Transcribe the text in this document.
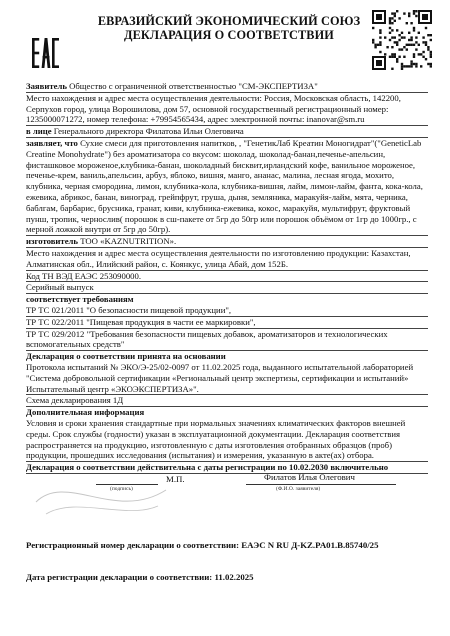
ЕВРАЗИЙСКИЙ ЭКОНОМИЧЕСКИЙ СОЮЗ
ДЕКЛАРАЦИЯ О СООТВЕТСТВИИ

Заявитель Общество с ограниченной ответственностью "СМ-ЭКСПЕРТИЗА"

Место нахождения и адрес места осуществления деятельности: Россия, Московская область, 142200, Серпухов город, улица Ворошилова, дом 57, основной государственный регистрационный номер: 1235000071272, номер телефона: +79954565434, адрес электронной почты: inanovar@sm.ru

в лице Генерального директора Филатова Ильи Олеговича

заявляет, что Сухие смеси для приготовления напитков, , "ГенетикЛаб Креатин Моногидрат"("GeneticLab Creatine Monohydrate") без ароматизатора со вкусом: шоколад, шоколад-банан,печенье-апельсин, фисташковое мороженое,клубника-банан, шоколадный бисквит,ирландский кофе, ванильное мороженое, печенье-крем, ваниль,апельсин, арбуз, яблоко, вишня, манго, ананас, малина, лесная ягода, мохито, клубника, черная смородина, лимон, клубника-кола, клубника-вишня, лайм, лимон-лайм, фанта, кока-кола, ежевика, абрикос, банан, виноград, грейпфрут, груша, дыня, земляника, маракуйя-лайм, мята, черника, баблгам, барбарис, брусника, гранат, киви, клубника-ежевика, кокос, маракуйя, мультифрут, фруктовый пунш, тропик, чернослив( порошок в сш-пакете от 5гр до 50гр или порошок объёмом от 1гр до 1000гр., с мерной ложкой внутри от 5гр до 50гр).

изготовитель ТОО «KAZNUTRITION».

Место нахождения и адрес места осуществления деятельности по изготовлению продукции: Казахстан, Алматинская обл., Илийский район, с. Коянкус, улица Абай, дом 152Б.

Код ТН ВЭД ЕАЭС 253090000.

Серийный выпуск

соответствует требованиям

ТР ТС 021/2011 "О безопасности пищевой продукции",

ТР ТС 022/2011 "Пищевая продукция в части ее маркировки",

ТР ТС 029/2012 "Требования безопасности пищевых добавок, ароматизаторов и технологических вспомогательных средств"

Декларация о соответствии принята на основании

Протокола испытаний № ЭКО/Э-25/02-0097 от 11.02.2025 года, выданного испытательной лабораторией "Система добровольной сертификации «Региональный центр экспертизы, сертификации и испытаний» Испытательный центр «ЭКОЭКСПЕРТИЗА»".

Схема декларирования 1Д

Дополнительная информация

Условия и сроки хранения стандартные при нормальных значениях климатических факторов внешней среды. Срок службы (годности) указан в эксплуатационной документации. Декларация соответствия распространяется на продукцию, изготовленную с даты изготовления отобранных образцов (проб) продукции, прошедших исследования (испытания) и измерения, указанную в акте(ах) отбора.

Декларация о соответствии действительна с даты регистрации по 10.02.2030 включительно

(подпись)
М.П.	Филатов Илья Олегович
(Ф.И.О. заявителя)

Регистрационный номер декларации о соответствии: ЕАЭС N RU Д-KZ.PA01.B.85740/25

Дата регистрации декларации о соответствии: 11.02.2025
